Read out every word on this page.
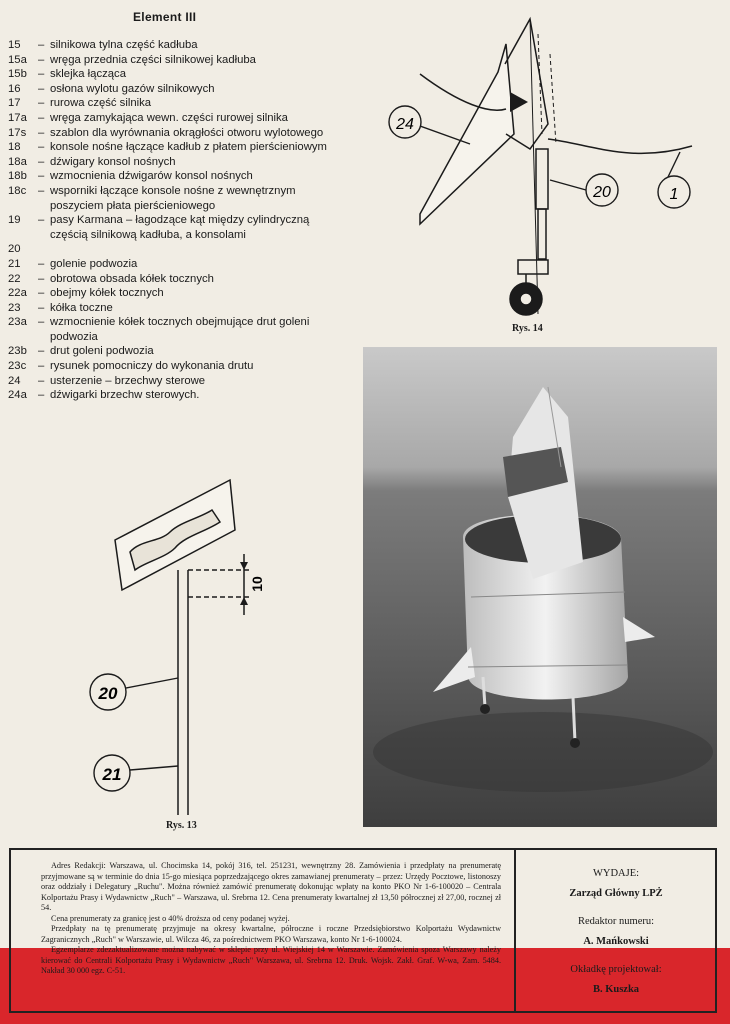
Element III
15	– silnikowa tylna część kadłuba
15a – wręga przednia części silnikowej kadłuba
15b – sklejka łącząca
16	– osłona wylotu gazów silnikowych
17	– rurowa część silnika
17a – wręga zamykająca wewn. części rurowej silnika
17s	– szablon dla wyrównania okrągłości otworu wylotowego
18	– konsole nośne łączące kadłub z płatem pierścieniowym
18a – dźwigary konsol nośnych
18b – wzmocnienia dźwigarów konsol nośnych
18c	– wsporniki łączące konsole nośne z wewnętrznym poszyciem płata pierścieniowego
19	– pasy Karmana – łagodzące kąt między cylindryczną częścią silnikową kadłuba, a konsolami
20
21	– golenie podwozia
22	– obrotowa obsada kółek tocznych
22a – obejmy kółek tocznych
23	– kółka toczne
23a – wzmocnienie kółek tocznych obejmujące drut goleni podwozia
23b – drut goleni podwozia
23c	– rysunek pomocniczy do wykonania drutu
24	– usterzenie – brzechwy sterowe
24a – dźwigarki brzechw sterowych.
24
20	1
Rys. 14
10
20
21
Rys. 13

Adres Redakcji: Warszawa, ul. Chocimska 14, pokój 316, tel. 251231, wewnętrzny 28. Zamówienia i przedpłaty na prenumeratę przyjmowane są w terminie do dnia 15-go miesiąca poprzedzającego okres zamawianej prenumeraty – przez: Urzędy Pocztowe, listonoszy oraz oddziały i Delegatury „Ruchu". Można również zamówić prenumeratę dokonując wpłaty na konto PKO Nr 1-6-100020 – Centrala Kolportażu Prasy i Wydawnictw „Ruch" – Warszawa, ul. Srebrna 12. Cena prenumeraty kwartalnej zł 13,50 półrocznej zł 27,00, rocznej zł 54.

Cena prenumeraty za granicę jest o 40% droższa od ceny podanej wyżej.

Przedpłaty na tę prenumeratę przyjmuje na okresy kwartalne, półroczne i roczne Przedsiębiorstwo Kolportażu Wydawnictw Zagranicznych „Ruch" w Warszawie, ul. Wilcza 46, za pośrednictwem PKO Warszawa, konto Nr 1-6-100024.

Egzemplarze zdezaktualizowane można nabywać w sklepie przy ul. Wiejskiej 14 w Warszawie. Zamówienia spoza Warszawy należy kierować do Centrali Kolportażu Prasy i Wydawnictw „Ruch" Warszawa, ul. Srebrna 12. Druk. Wojsk. Zakł. Graf. W-wa, Zam. 5484. Nakład 30 000 egz. C-51.

WYDAJE:
Zarząd Główny LPŻ
Redaktor numeru:
A. Mańkowski
Okładkę projektował:
B. Kuszka
